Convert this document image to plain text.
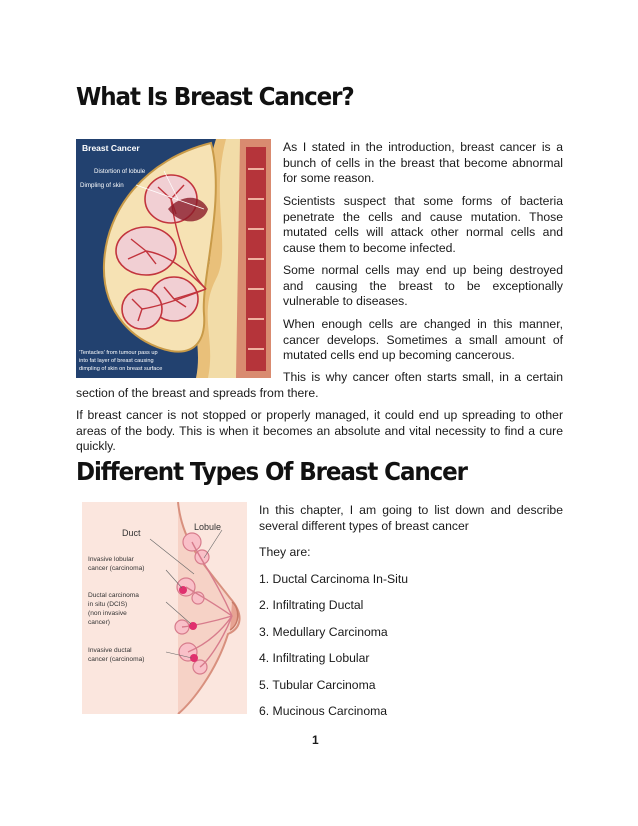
What Is Breast Cancer?
Breast Cancer
Distortion of lobule
Dimpling of skin
'Tentacles' from tumour pass up
into fat layer of breast causing
dimpling of skin on breast surface

As I stated in the introduction, breast cancer is a bunch of cells in the breast that become abnormal for some reason.

Scientists suspect that some forms of bacteria penetrate the cells and cause mutation. Those mutated cells will attack other normal cells and cause them to become infected.

Some normal cells may end up being destroyed and causing the breast to be exceptionally vulnerable to diseases.

When enough cells are changed in this manner, cancer develops. Sometimes a small amount of mutated cells end up becoming cancerous.

This is why cancer often starts small, in a certain

section of the breast and spreads from there.

If breast cancer is not stopped or properly managed, it could end up spreading to other areas of the body. This is when it becomes an absolute and vital necessity to find a cure quickly.

Different Types Of Breast Cancer
Duct
Lobule
Invasive lobular
cancer (carcinoma)
Ductal carcinoma
in situ (DCIS)
(non invasive
cancer)
Invasive ductal
cancer (carcinoma)

In this chapter, I am going to list down and describe several different types of breast cancer

They are:

1. Ductal Carcinoma In-Situ

2. Infiltrating Ductal

3. Medullary Carcinoma

4. Infiltrating Lobular

5. Tubular Carcinoma

6. Mucinous Carcinoma

1
